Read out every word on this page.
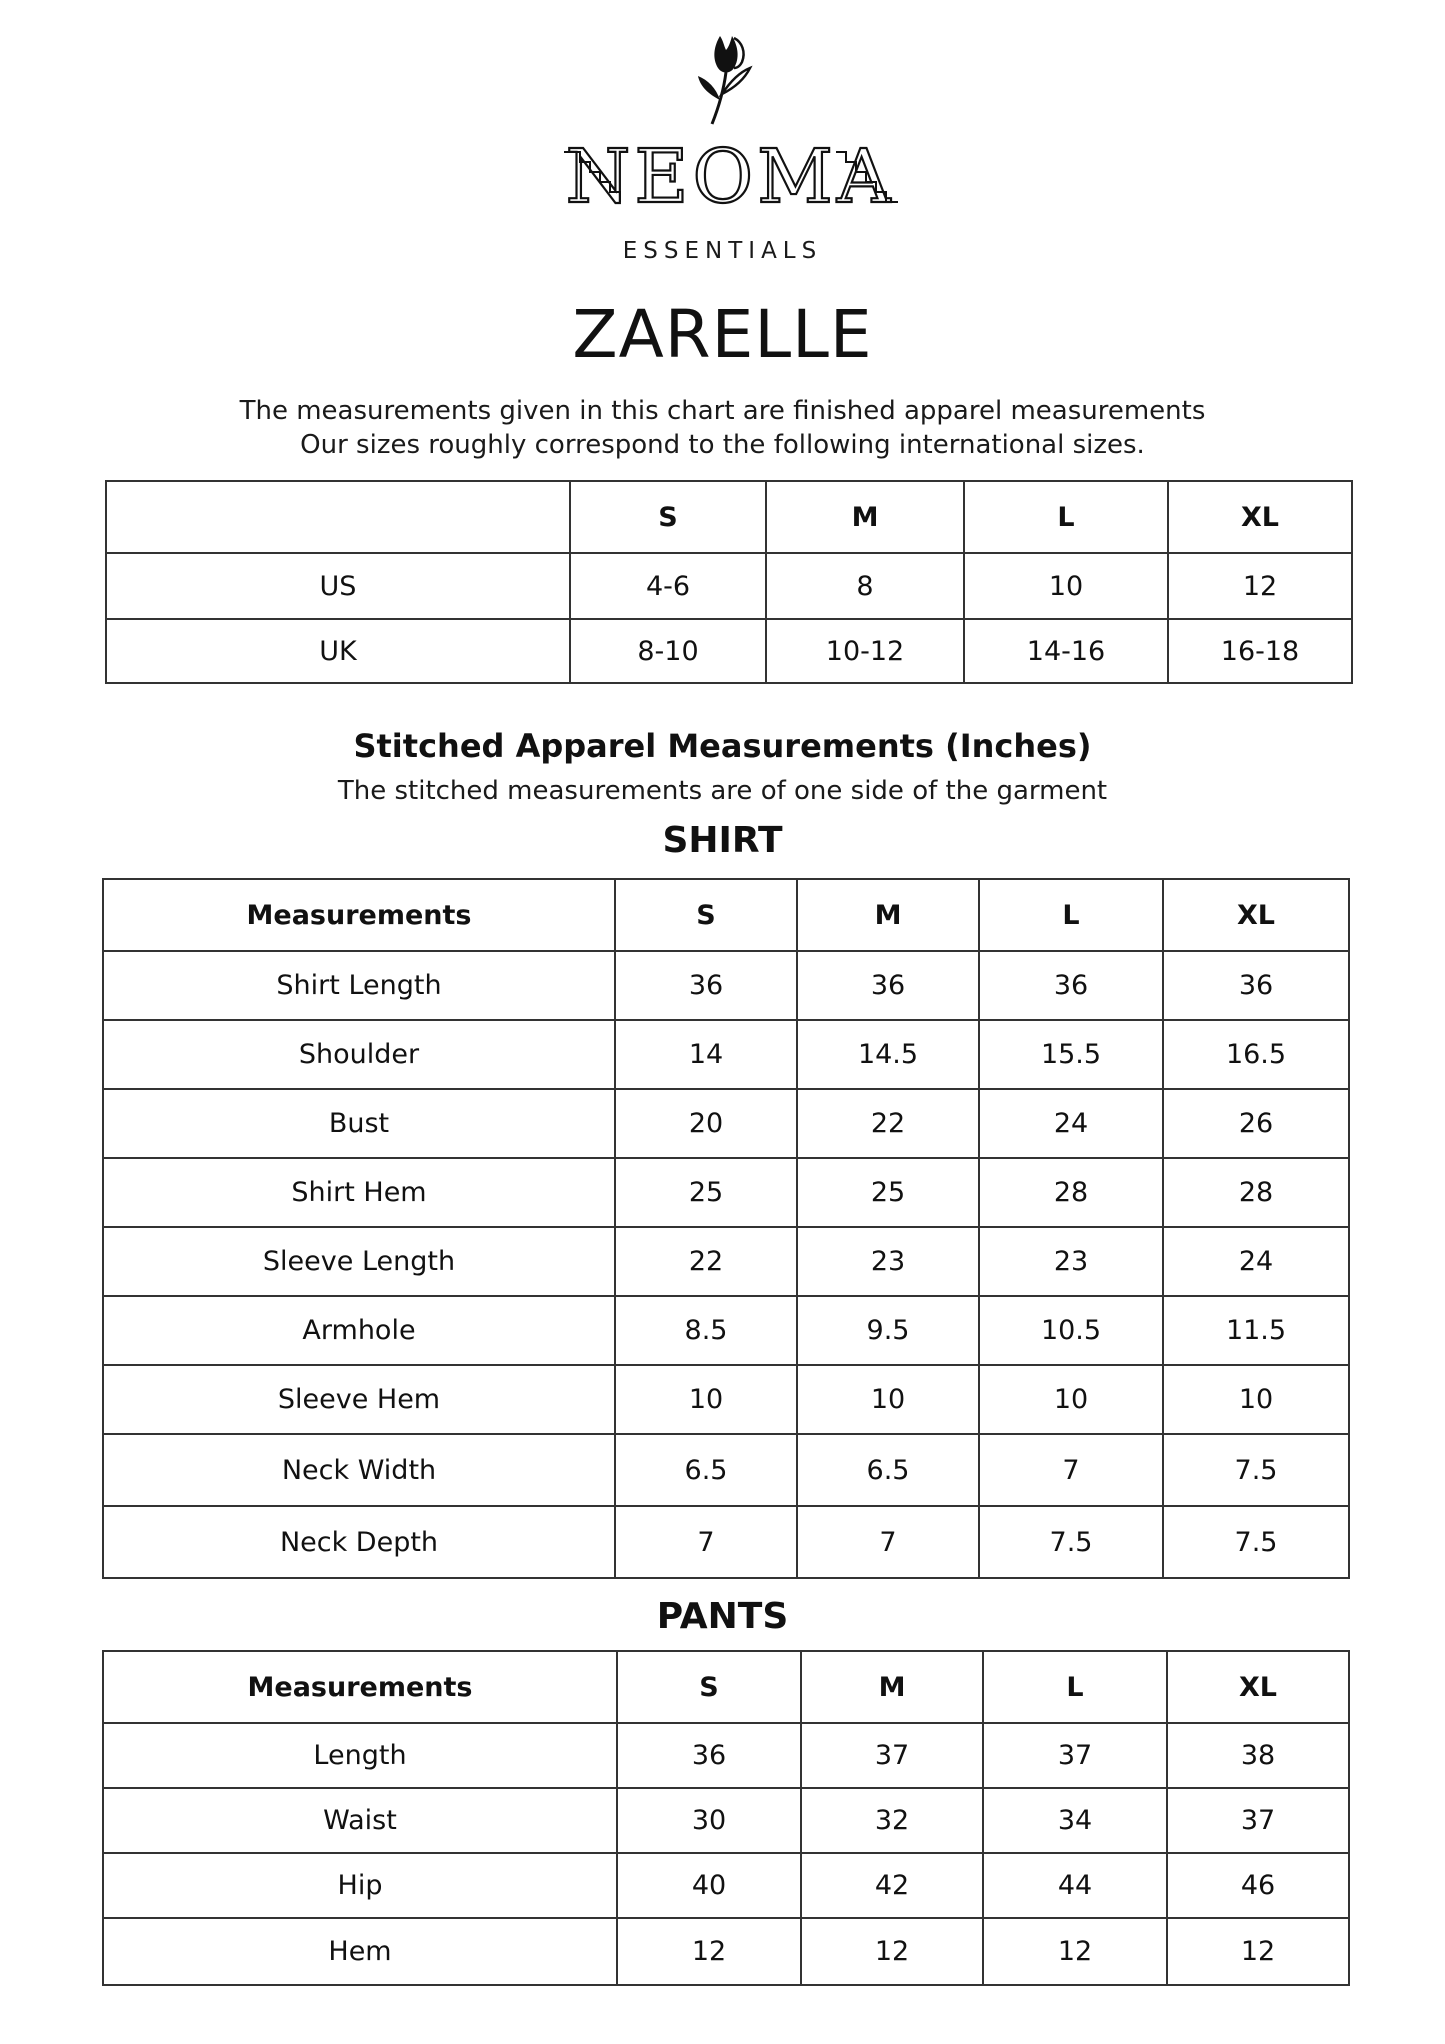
NEOMA
ESSENTIALS
ZARELLE
The measurements given in this chart are finished apparel measurements
Our sizes roughly correspond to the following international sizes.
	S	M	L	XL
US	4-6	8	10	12
UK	8-10	10-12	14-16	16-18
Stitched Apparel Measurements (Inches)
The stitched measurements are of one side of the garment
SHIRT
Measurements	S	M	L	XL
Shirt Length	36	36	36	36
Shoulder	14	14.5	15.5	16.5
Bust	20	22	24	26
Shirt Hem	25	25	28	28
Sleeve Length	22	23	23	24
Armhole	8.5	9.5	10.5	11.5
Sleeve Hem	10	10	10	10
Neck Width	6.5	6.5	7	7.5
Neck Depth	7	7	7.5	7.5
PANTS
Measurements	S	M	L	XL
Length	36	37	37	38
Waist	30	32	34	37
Hip	40	42	44	46
Hem	12	12	12	12
